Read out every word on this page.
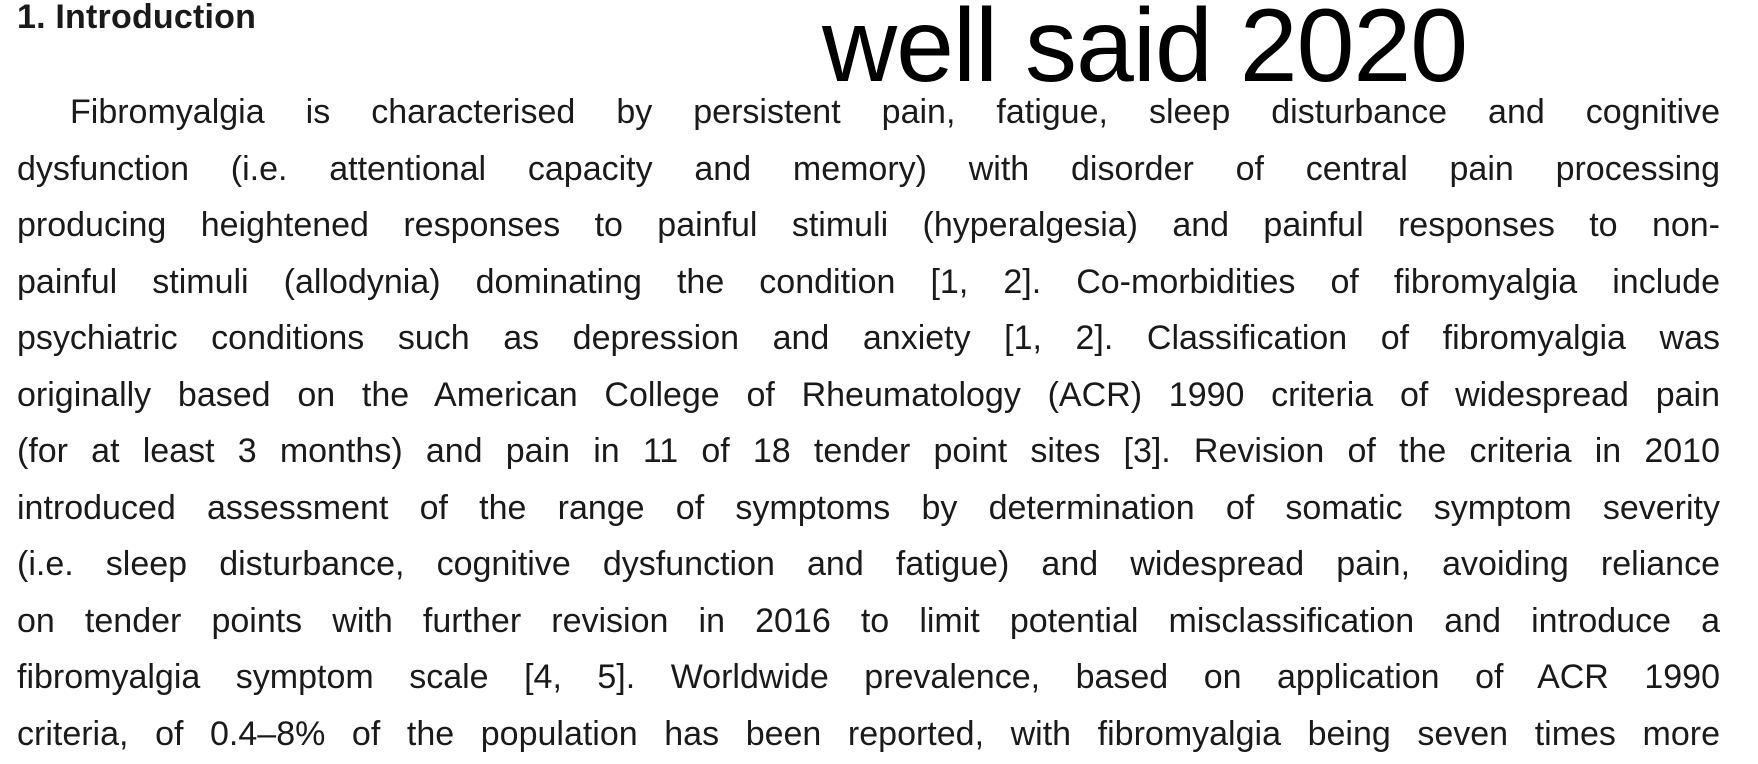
1. Introduction	well said 2020
Fibromyalgia is characterised by persistent pain, fatigue, sleep disturbance and cognitive
dysfunction (i.e. attentional capacity and memory) with disorder of central pain processing
producing heightened responses to painful stimuli (hyperalgesia) and painful responses to non-
painful stimuli (allodynia) dominating the condition [1, 2]. Co-morbidities of fibromyalgia include
psychiatric conditions such as depression and anxiety [1, 2]. Classification of fibromyalgia was
originally based on the American College of Rheumatology (ACR) 1990 criteria of widespread pain
(for at least 3 months) and pain in 11 of 18 tender point sites [3]. Revision of the criteria in 2010
introduced assessment of the range of symptoms by determination of somatic symptom severity
(i.e. sleep disturbance, cognitive dysfunction and fatigue) and widespread pain, avoiding reliance
on tender points with further revision in 2016 to limit potential misclassification and introduce a
fibromyalgia symptom scale [4, 5]. Worldwide prevalence, based on application of ACR 1990
criteria, of 0.4–8% of the population has been reported, with fibromyalgia being seven times more
